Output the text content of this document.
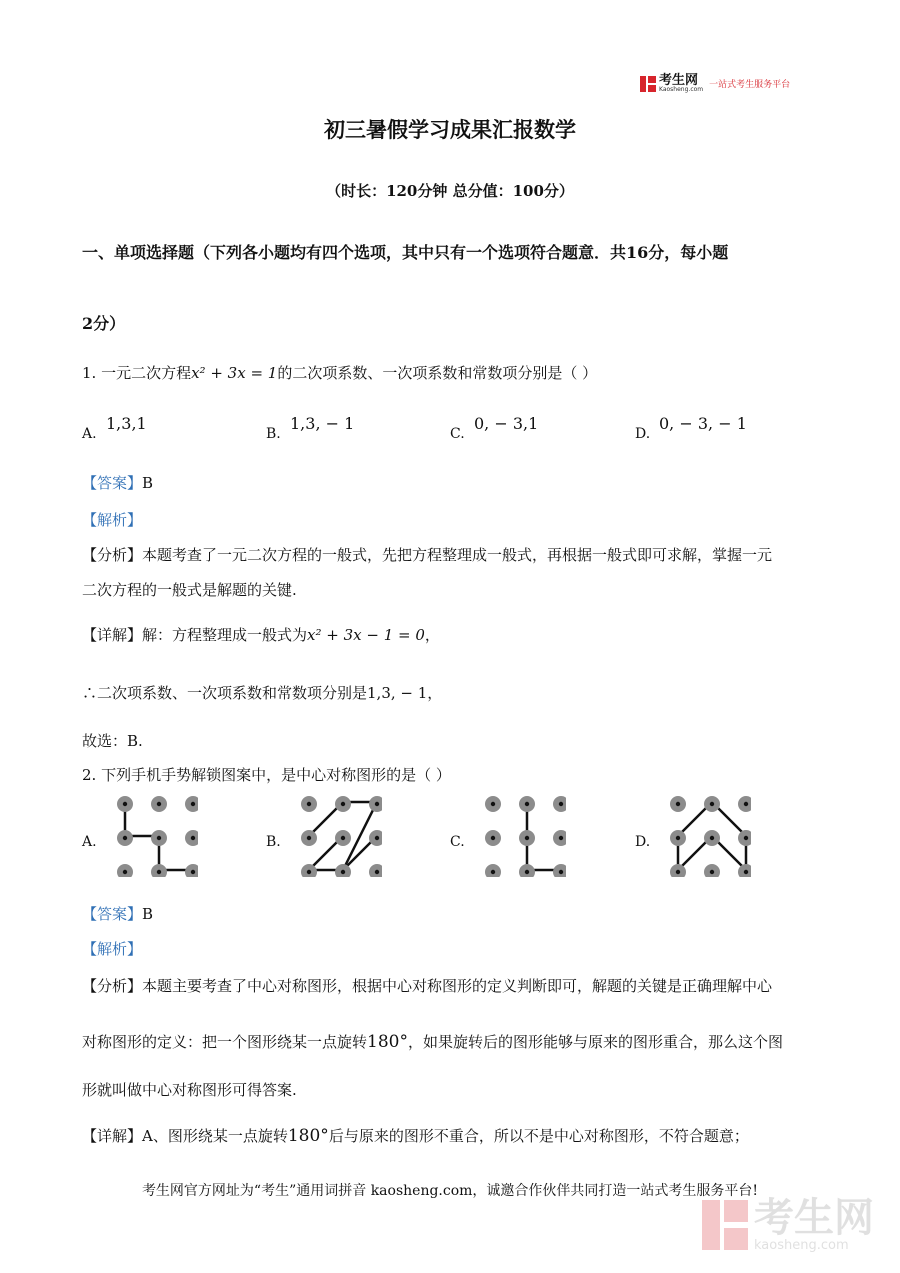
考生网
Kaosheng.com 一站式考生服务平台
初三暑假学习成果汇报数学
（时长：120分钟 总分值：100分）
一、单项选择题（下列各小题均有四个选项，其中只有一个选项符合题意．共16分，每小题
2分）
1. 一元二次方程x² + 3x = 1的二次项系数、一次项系数和常数项分别是（ ）
A.
1,3,1
B.
1,3, − 1
C.
0, − 3,1
D.
0, − 3, − 1
【答案】B
【解析】
【分析】本题考查了一元二次方程的一般式，先把方程整理成一般式，再根据一般式即可求解，掌握一元
二次方程的一般式是解题的关键.
【详解】解：方程整理成一般式为x² + 3x − 1 = 0，
∴二次项系数、一次项系数和常数项分别是1,3, − 1，
故选：B.
2. 下列手机手势解锁图案中，是中心对称图形的是（ ）
A.	B.	C.	D.
【答案】B
【解析】
【分析】本题主要考查了中心对称图形，根据中心对称图形的定义判断即可，解题的关键是正确理解中心
对称图形的定义：把一个图形绕某一点旋转180°，如果旋转后的图形能够与原来的图形重合，那么这个图
形就叫做中心对称图形可得答案.
【详解】A、图形绕某一点旋转180°后与原来的图形不重合，所以不是中心对称图形，不符合题意；
考生网官方网址为“考生”通用词拼音 kaosheng.com，诚邀合作伙伴共同打造一站式考生服务平台!
考生网
kaosheng.com
